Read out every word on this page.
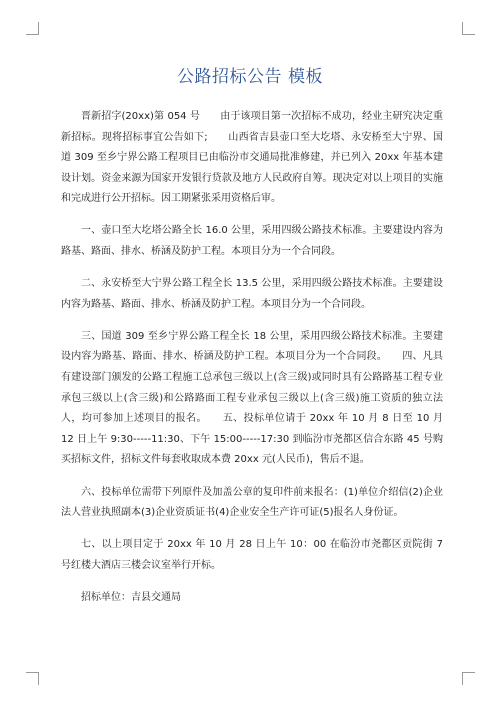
公路招标公告 模板

晋新招字(20xx)第 054 号　　由于该项目第一次招标不成功，经业主研究决定重新招标。现将招标事宜公告如下;　　山西省吉县壶口至大圪塔、永安桥至大宁界、国道 309 至乡宁界公路工程项目已由临汾市交通局批准修建，并已列入 20xx 年基本建设计划。资金来源为国家开发银行贷款及地方人民政府自筹。现决定对以上项目的实施和完成进行公开招标。因工期紧张采用资格后审。

一、壶口至大圪塔公路全长 16.0 公里，采用四级公路技术标准。主要建设内容为路基、路面、排水、桥涵及防护工程。本项目分为一个合同段。

二、永安桥至大宁界公路工程全长 13.5 公里，采用四级公路技术标准。主要建设内容为路基、路面、排水、桥涵及防护工程。本项目分为一个合同段。

三、国道 309 至乡宁界公路工程全长 18 公里，采用四级公路技术标准。主要建设内容为路基、路面、排水、桥涵及防护工程。本项目分为一个合同段。　　四、凡具有建设部门颁发的公路工程施工总承包三级以上(含三级)或同时具有公路路基工程专业承包三级以上(含三级)和公路路面工程专业承包三级以上(含三级)施工资质的独立法人，均可参加上述项目的报名。　　五、投标单位请于 20xx 年 10 月 8 日至 10 月 12 日上午 9:30-----11:30、下午 15:00-----17:30 到临汾市尧都区信合东路 45 号购买招标文件，招标文件每套收取成本费 20xx 元(人民币)，售后不退。

六、投标单位需带下列原件及加盖公章的复印件前来报名：(1)单位介绍信(2)企业法人营业执照副本(3)企业资质证书(4)企业安全生产许可证(5)报名人身份证。

七、以上项目定于 20xx 年 10 月 28 日上午 10：00 在临汾市尧都区贡院街 7 号红楼大酒店三楼会议室举行开标。

招标单位：吉县交通局
